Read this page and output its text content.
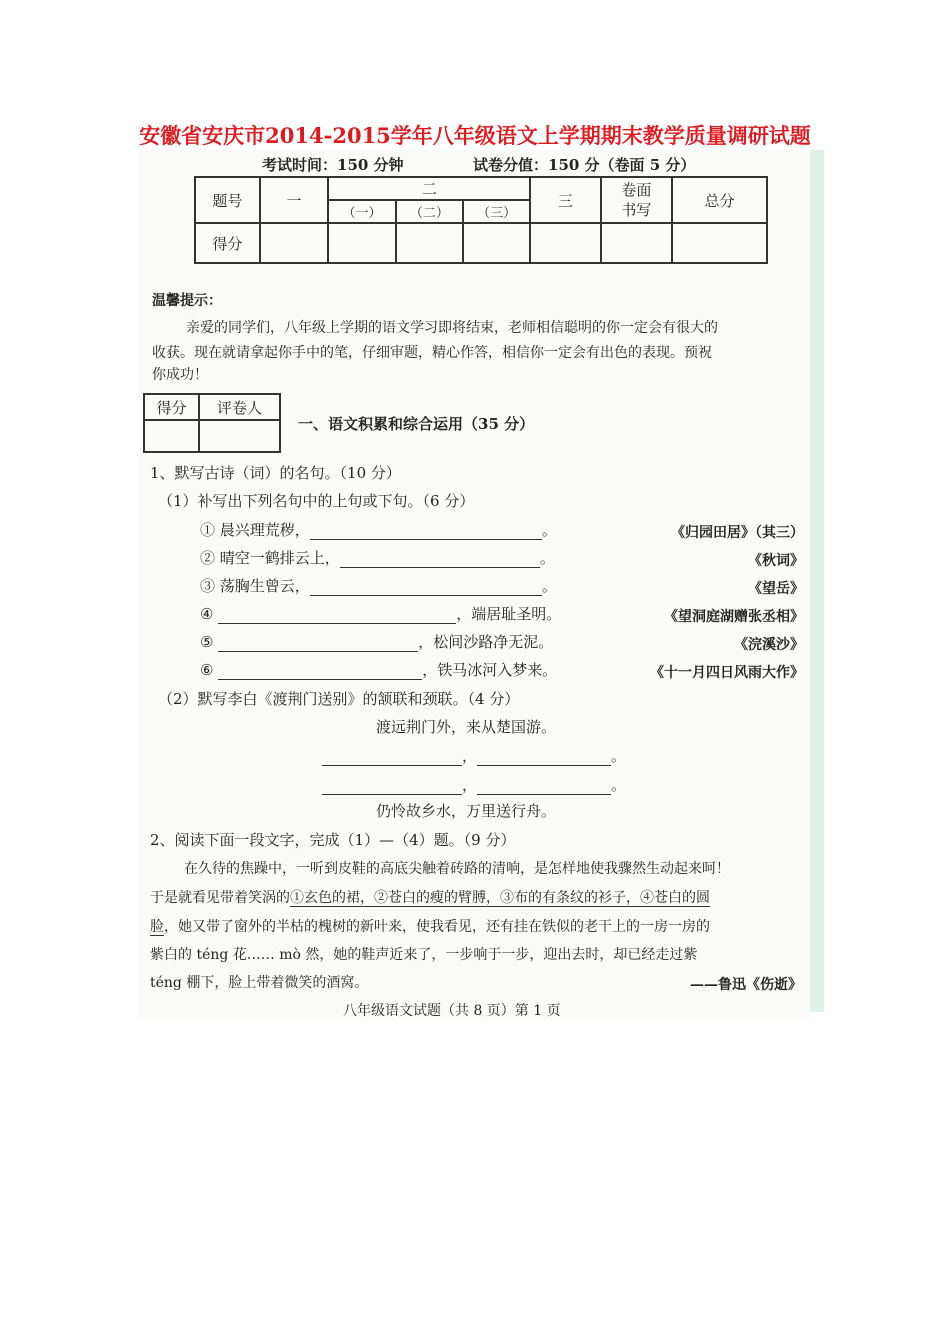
安徽省安庆市2014-2015学年八年级语文上学期期末教学质量调研试题
考试时间：150 分钟	试卷分值：150 分（卷面 5 分）
题号	一	二			三	卷面书写	总分
		（一）	（二）	（三）			
得分							
温馨提示：
亲爱的同学们，八年级上学期的语文学习即将结束，老师相信聪明的你一定会有很大的
收获。现在就请拿起你手中的笔，仔细审题，精心作答，相信你一定会有出色的表现。预祝
你成功！
得分	评卷人

一、语文积累和综合运用（35 分）
1、默写古诗（词）的名句。（10 分）
（1）补写出下列名句中的上句或下句。（6 分）
① 晨兴理荒秽，	。	《归园田居》（其三）
② 晴空一鹤排云上，	。	《秋词》
③ 荡胸生曾云，	。	《望岳》
④	，端居耻圣明。	《望洞庭湖赠张丞相》
⑤	，松间沙路净无泥。	《浣溪沙》
⑥	，铁马冰河入梦来。	《十一月四日风雨大作》
（2）默写李白《渡荆门送别》的颔联和颈联。（4 分）
渡远荆门外，来从楚国游。
，	。
，	。
仍怜故乡水，万里送行舟。
2、阅读下面一段文字，完成（1）—（4）题。（9 分）
在久待的焦躁中，一听到皮鞋的高底尖触着砖路的清响，是怎样地使我骤然生动起来呵！
于是就看见带着笑涡的①玄色的裙，②苍白的瘦的臂膊，③布的有条纹的衫子，④苍白的圆
脸，她又带了窗外的半枯的槐树的新叶来，使我看见，还有挂在铁似的老干上的一房一房的
紫白的 téng 花…… mò 然，她的鞋声近来了，一步响于一步，迎出去时，却已经走过紫
téng 棚下，脸上带着微笑的酒窝。	——鲁迅《伤逝》
八年级语文试题（共 8 页）第 1 页
